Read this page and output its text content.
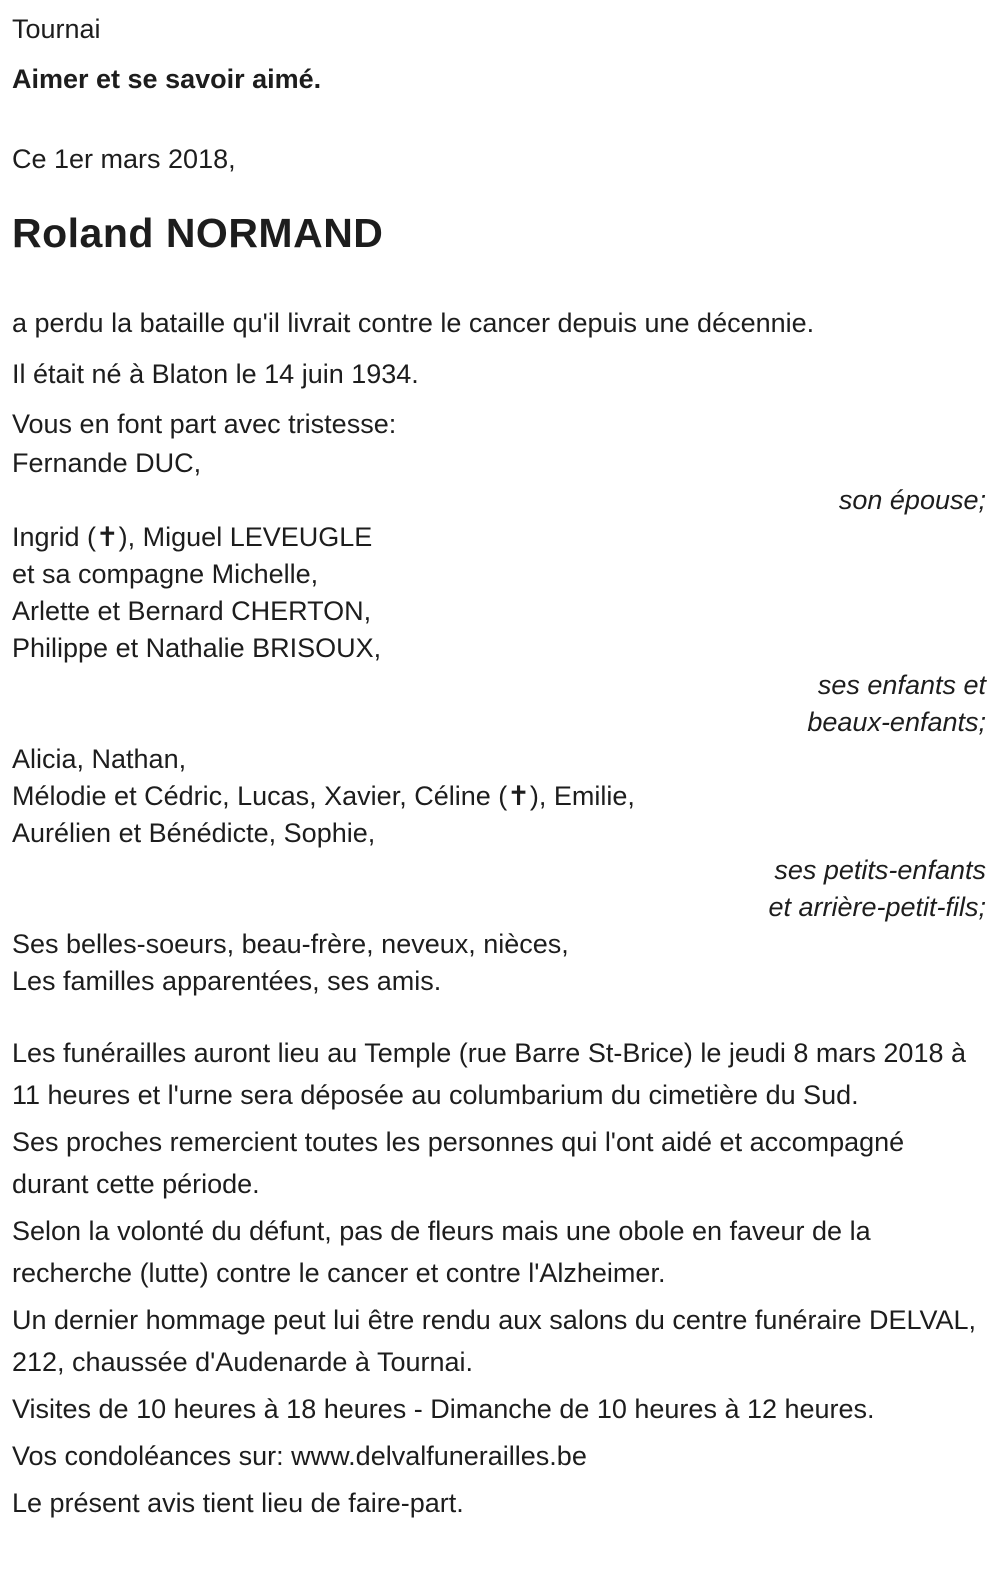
Tournai
Aimer et se savoir aimé.
Ce 1er mars 2018,
Roland NORMAND
a perdu la bataille qu'il livrait contre le cancer depuis une décennie.
Il était né à Blaton le 14 juin 1934.
Vous en font part avec tristesse:
Fernande DUC,
son épouse;
Ingrid (✝), Miguel LEVEUGLE
et sa compagne Michelle,
Arlette et Bernard CHERTON,
Philippe et Nathalie BRISOUX,
ses enfants et
beaux-enfants;
Alicia, Nathan,
Mélodie et Cédric, Lucas, Xavier, Céline (✝), Emilie,
Aurélien et Bénédicte, Sophie,
ses petits-enfants
et arrière-petit-fils;
Ses belles-soeurs, beau-frère, neveux, nièces,
Les familles apparentées, ses amis.

Les funérailles auront lieu au Temple (rue Barre St-Brice) le jeudi 8 mars 2018 à 11 heures et l'urne sera déposée au columbarium du cimetière du Sud.

Ses proches remercient toutes les personnes qui l'ont aidé et accompagné durant cette période.

Selon la volonté du défunt, pas de fleurs mais une obole en faveur de la recherche (lutte) contre le cancer et contre l'Alzheimer.

Un dernier hommage peut lui être rendu aux salons du centre funéraire DELVAL, 212, chaussée d'Audenarde à Tournai.

Visites de 10 heures à 18 heures - Dimanche de 10 heures à 12 heures.

Vos condoléances sur: www.delvalfunerailles.be

Le présent avis tient lieu de faire-part.
